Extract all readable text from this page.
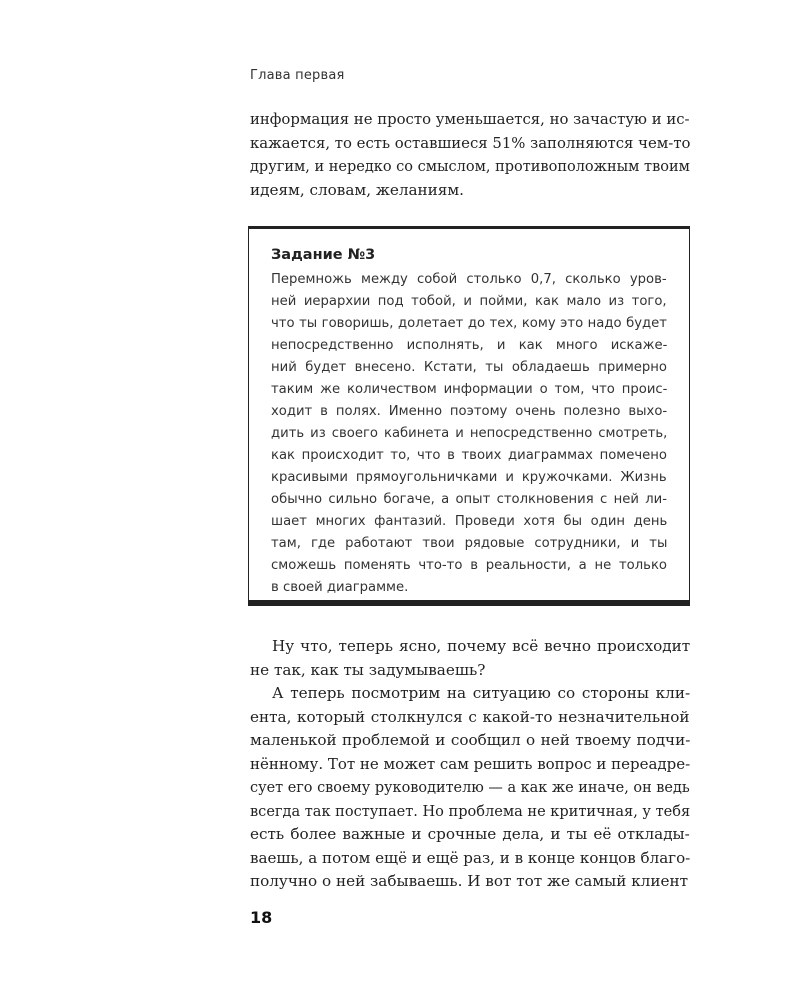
Глава первая

информация не просто уменьшается, но зачастую и ис-
кажается, то есть оставшиеся 51% заполняются чем-то
другим, и нередко со смыслом, противоположным твоим
идеям, словам, желаниям.

Задание №3

Перемножь между собой столько 0,7, сколько уров-
ней иерархии под тобой, и пойми, как мало из того,
что ты говоришь, долетает до тех, кому это надо будет
непосредственно исполнять, и как много искаже-
ний будет внесено. Кстати, ты обладаешь примерно
таким же количеством информации о том, что проис-
ходит в полях. Именно поэтому очень полезно выхо-
дить из своего кабинета и непосредственно смотреть,
как происходит то, что в твоих диаграммах помечено
красивыми прямоугольничками и кружочками. Жизнь
обычно сильно богаче, а опыт столкновения с ней ли-
шает многих фантазий. Проведи хотя бы один день
там, где работают твои рядовые сотрудники, и ты
сможешь поменять что-то в реальности, а не только
в своей диаграмме.

Ну что, теперь ясно, почему всё вечно происходит
не так, как ты задумываешь?

А теперь посмотрим на ситуацию со стороны кли-
ента, который столкнулся с какой-то незначительной
маленькой проблемой и сообщил о ней твоему подчи-
нённому. Тот не может сам решить вопрос и переадре-
сует его своему руководителю — а как же иначе, он ведь
всегда так поступает. Но проблема не критичная, у тебя
есть более важные и срочные дела, и ты её отклады-
ваешь, а потом ещё и ещё раз, и в конце концов благо-
получно о ней забываешь. И вот тот же самый клиент

18
